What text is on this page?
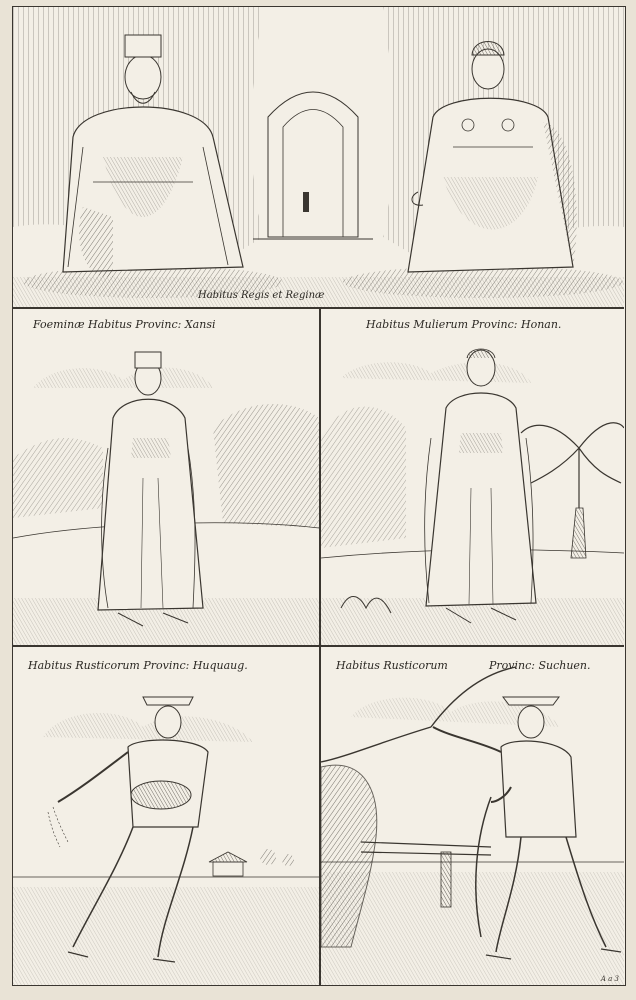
Habitus Regis et Reginæ
Foeminæ Habitus Provinc: Xansi	Habitus Mulierum Provinc: Honan.
Habitus Rusticorum Provinc: Huquaug.	Habitus Rusticorum	Provinc: Suchuen.
A a 3
